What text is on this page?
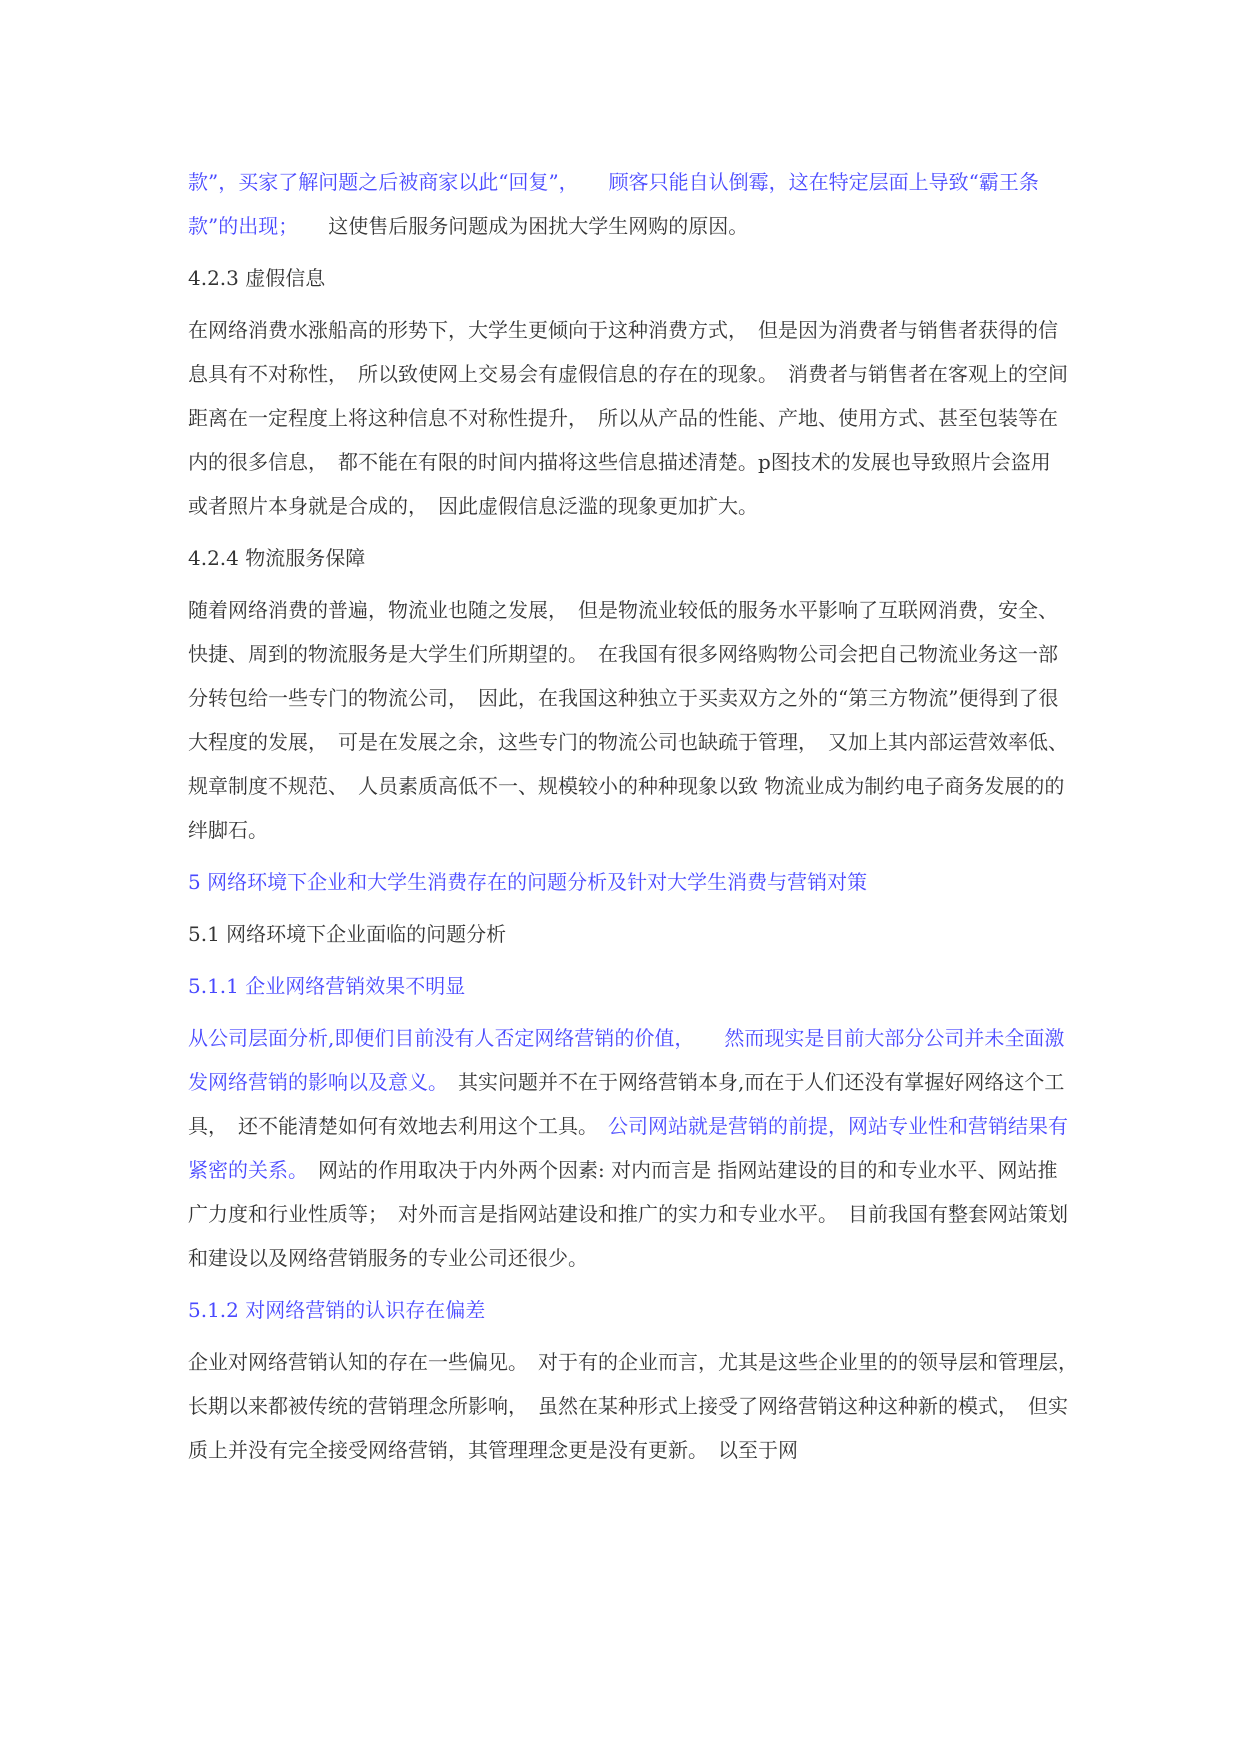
款”，买家了解问题之后被商家以此“回复”，　　顾客只能自认倒霉，这在特定层面上导致“霸王条款”的出现；　　这使售后服务问题成为困扰大学生网购的原因。

4.2.3 虚假信息

在网络消费水涨船高的形势下，大学生更倾向于这种消费方式，　但是因为消费者与销售者获得的信息具有不对称性，　所以致使网上交易会有虚假信息的存在的现象。　消费者与销售者在客观上的空间距离在一定程度上将这种信息不对称性提升，　所以从产品的性能、产地、使用方式、甚至包装等在内的很多信息，　都不能在有限的时间内描将这些信息描述清楚。p图技术的发展也导致照片会盗用或者照片本身就是合成的，　因此虚假信息泛滥的现象更加扩大。

4.2.4 物流服务保障

随着网络消费的普遍，物流业也随之发展，　但是物流业较低的服务水平影响了互联网消费，安全、快捷、周到的物流服务是大学生们所期望的。　在我国有很多网络购物公司会把自己物流业务这一部分转包给一些专门的物流公司，　因此，在我国这种独立于买卖双方之外的“第三方物流”便得到了很大程度的发展，　可是在发展之余，这些专门的物流公司也缺疏于管理，　又加上其内部运营效率低、规章制度不规范、　人员素质高低不一、规模较小的种种现象以致 物流业成为制约电子商务发展的的绊脚石。

5 网络环境下企业和大学生消费存在的问题分析及针对大学生消费与营销对策

5.1 网络环境下企业面临的问题分析

5.1.1 企业网络营销效果不明显

从公司层面分析,即便们目前没有人否定网络营销的价值，　　然而现实是目前大部分公司并未全面激发网络营销的影响以及意义。　其实问题并不在于网络营销本身,而在于人们还没有掌握好网络这个工具，　还不能清楚如何有效地去利用这个工具。　公司网站就是营销的前提，网站专业性和营销结果有紧密的关系。　网站的作用取决于内外两个因素: 对内而言是 指网站建设的目的和专业水平、网站推广力度和行业性质等；　对外而言是指网站建设和推广的实力和专业水平。　目前我国有整套网站策划和建设以及网络营销服务的专业公司还很少。

5.1.2 对网络营销的认识存在偏差

企业对网络营销认知的存在一些偏见。　对于有的企业而言，尤其是这些企业里的的领导层和管理层，　长期以来都被传统的营销理念所影响，　虽然在某种形式上接受了网络营销这种这种新的模式，　但实质上并没有完全接受网络营销，其管理理念更是没有更新。　以至于网
